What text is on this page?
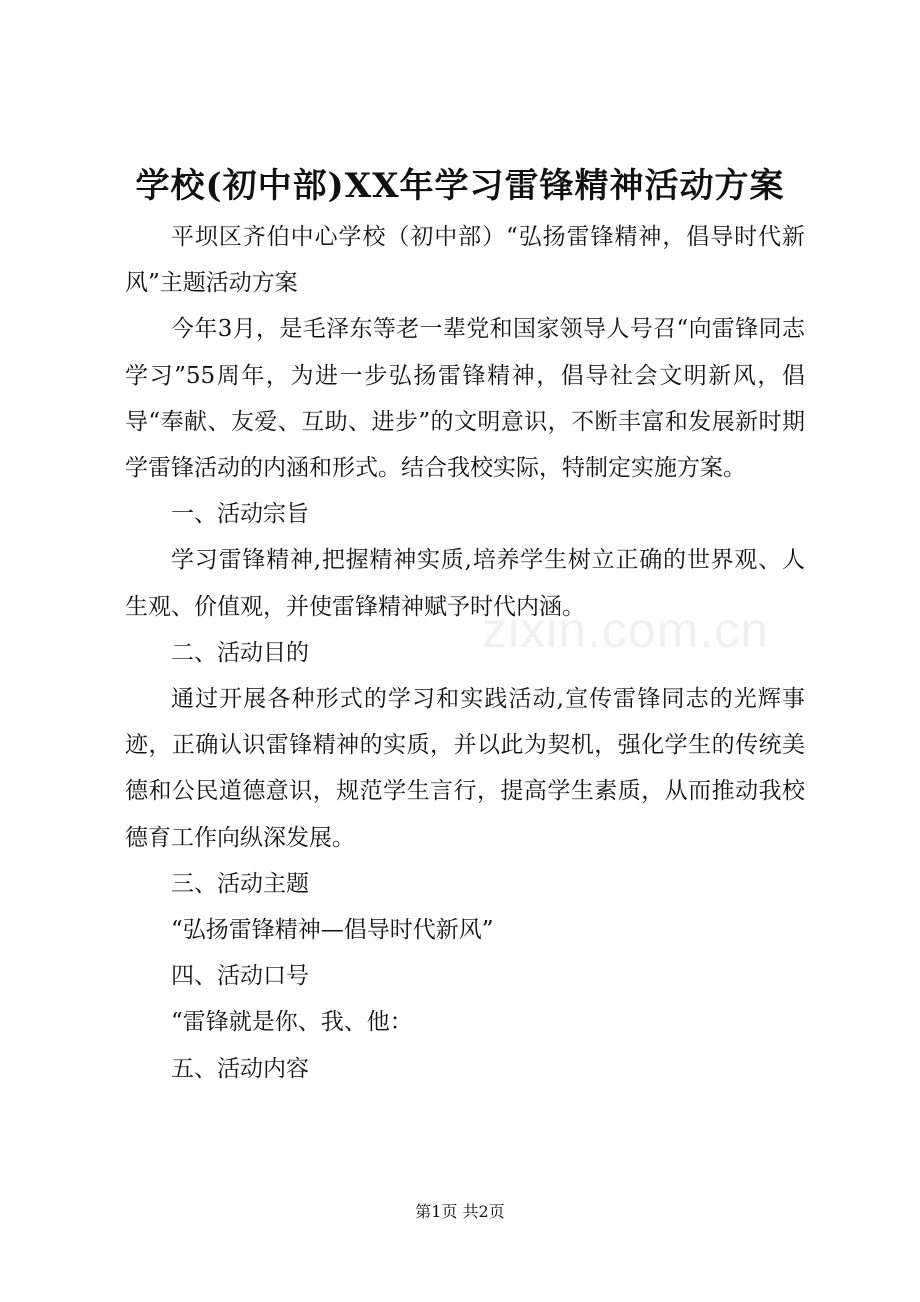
学校(初中部)XX年学习雷锋精神活动方案

平坝区齐伯中心学校（初中部）“弘扬雷锋精神，倡导时代新风”主题活动方案

今年3月，是毛泽东等老一辈党和国家领导人号召“向雷锋同志学习”55周年，为进一步弘扬雷锋精神，倡导社会文明新风，倡导“奉献、友爱、互助、进步”的文明意识，不断丰富和发展新时期学雷锋活动的内涵和形式。结合我校实际，特制定实施方案。

一、活动宗旨

学习雷锋精神,把握精神实质,培养学生树立正确的世界观、人生观、价值观，并使雷锋精神赋予时代内涵。

二、活动目的

通过开展各种形式的学习和实践活动,宣传雷锋同志的光辉事迹，正确认识雷锋精神的实质，并以此为契机，强化学生的传统美德和公民道德意识，规范学生言行，提高学生素质，从而推动我校德育工作向纵深发展。

三、活动主题

“弘扬雷锋精神—倡导时代新风”

四、活动口号

“雷锋就是你、我、他：

五、活动内容

zixin.com.cn
第1页 共2页
